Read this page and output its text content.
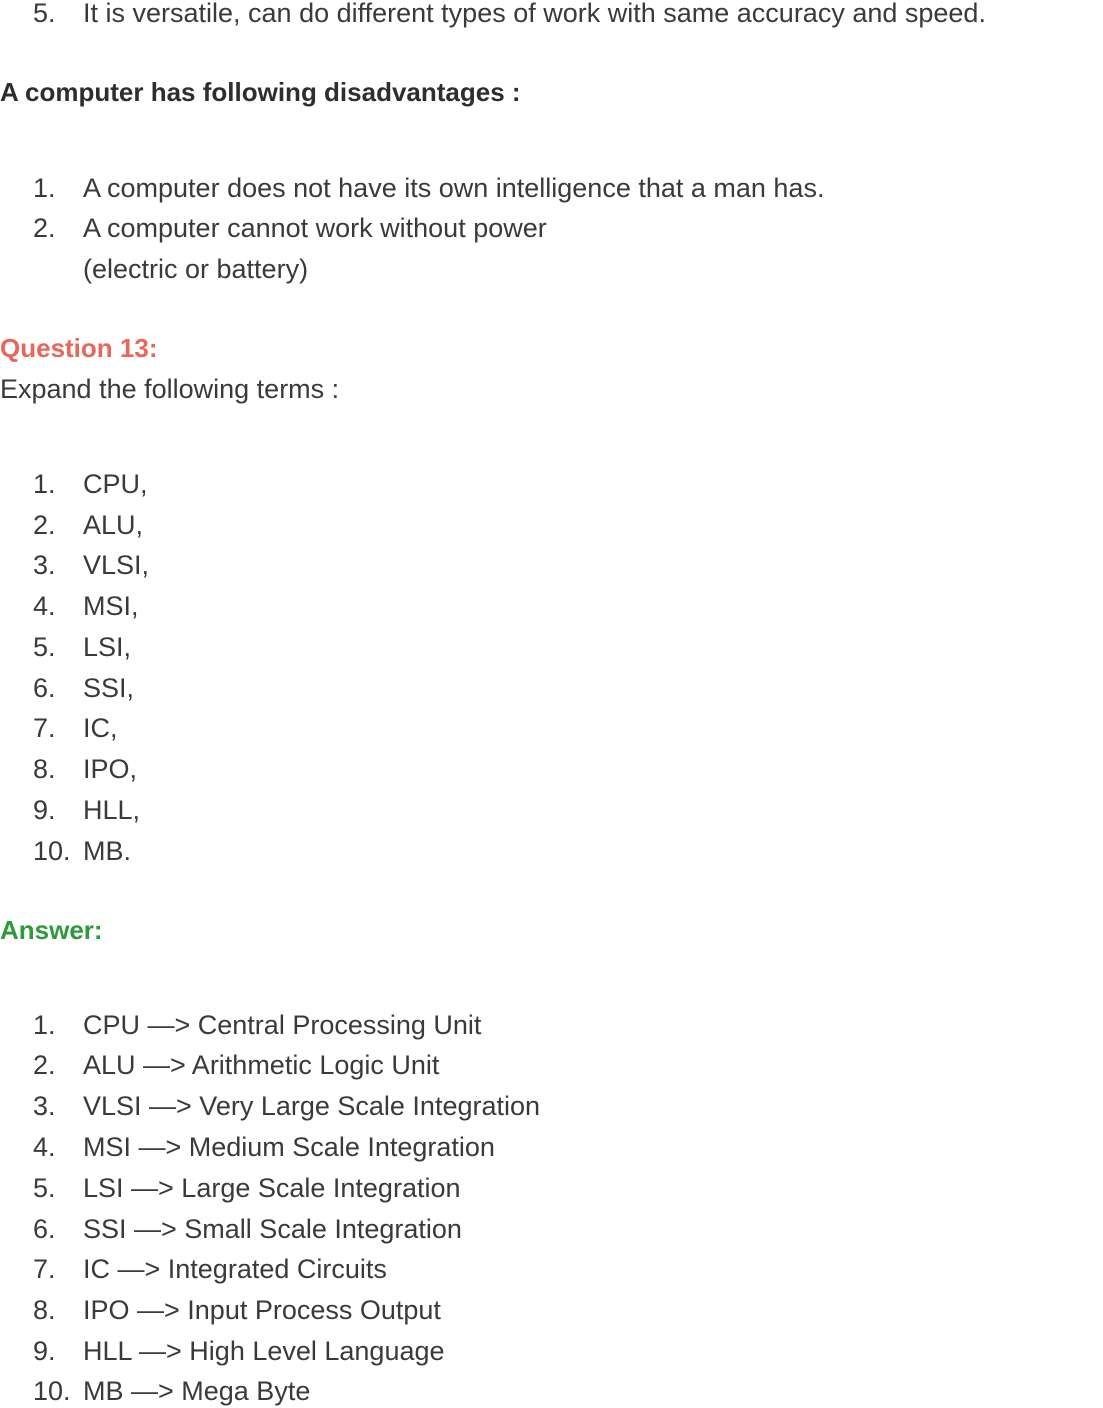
5.	It is versatile, can do different types of work with same accuracy and speed.
A computer has following disadvantages :
1.	A computer does not have its own intelligence that a man has.
2.	A computer cannot work without power
(electric or battery)
Question 13:
Expand the following terms :
1.	CPU,
2.	ALU,
3.	VLSI,
4.	MSI,
5.	LSI,
6.	SSI,
7.	IC,
8.	IPO,
9.	HLL,
10. MB.
Answer:
1.	CPU —> Central Processing Unit
2.	ALU —> Arithmetic Logic Unit
3.	VLSI —> Very Large Scale Integration
4.	MSI —> Medium Scale Integration
5.	LSI —> Large Scale Integration
6.	SSI —> Small Scale Integration
7.	IC —> Integrated Circuits
8.	IPO —> Input Process Output
9.	HLL —> High Level Language
10. MB —> Mega Byte
